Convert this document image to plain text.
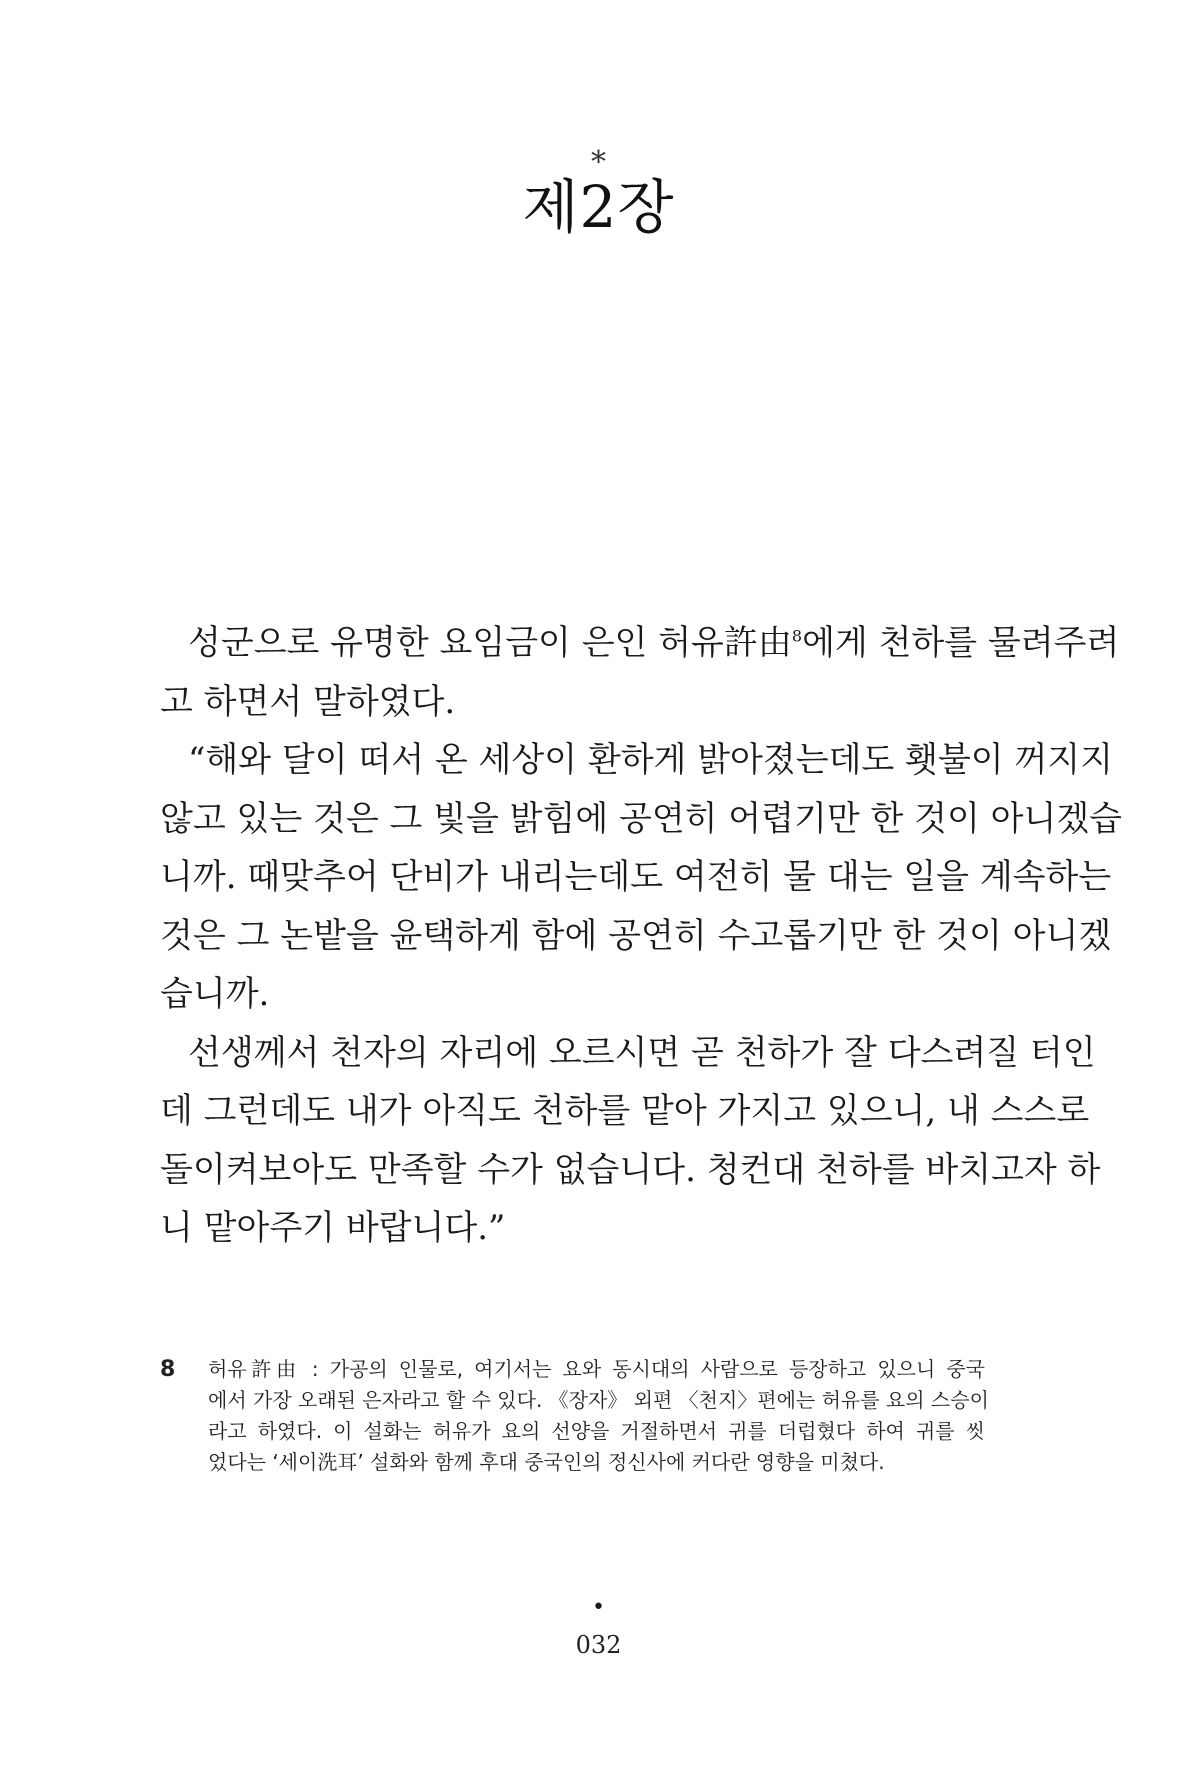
*
제2장
성군으로 유명한 요임금이 은인 허유許由$^8$에게 천하를 물려주려
고 하면서 말하였다.
“해와 달이 떠서 온 세상이 환하게 밝아졌는데도 횃불이 꺼지지
않고 있는 것은 그 빛을 밝힘에 공연히 어렵기만 한 것이 아니겠습
니까. 때맞추어 단비가 내리는데도 여전히 물 대는 일을 계속하는
것은 그 논밭을 윤택하게 함에 공연히 수고롭기만 한 것이 아니겠
습니까.
선생께서 천자의 자리에 오르시면 곧 천하가 잘 다스려질 터인
데 그런데도 내가 아직도 천하를 맡아 가지고 있으니, 내 스스로
돌이켜보아도 만족할 수가 없습니다. 청컨대 천하를 바치고자 하
니 맡아주기 바랍니다.”
8 허유許由 : 가공의 인물로, 여기서는 요와 동시대의 사람으로 등장하고 있으니 중국
에서 가장 오래된 은자라고 할 수 있다. 《장자》 외편 〈천지〉편에는 허유를 요의 스승이
라고 하였다. 이 설화는 허유가 요의 선양을 거절하면서 귀를 더럽혔다 하여 귀를 씻
었다는 ‘세이洗耳’ 설화와 함께 후대 중국인의 정신사에 커다란 영향을 미쳤다.
•
032
